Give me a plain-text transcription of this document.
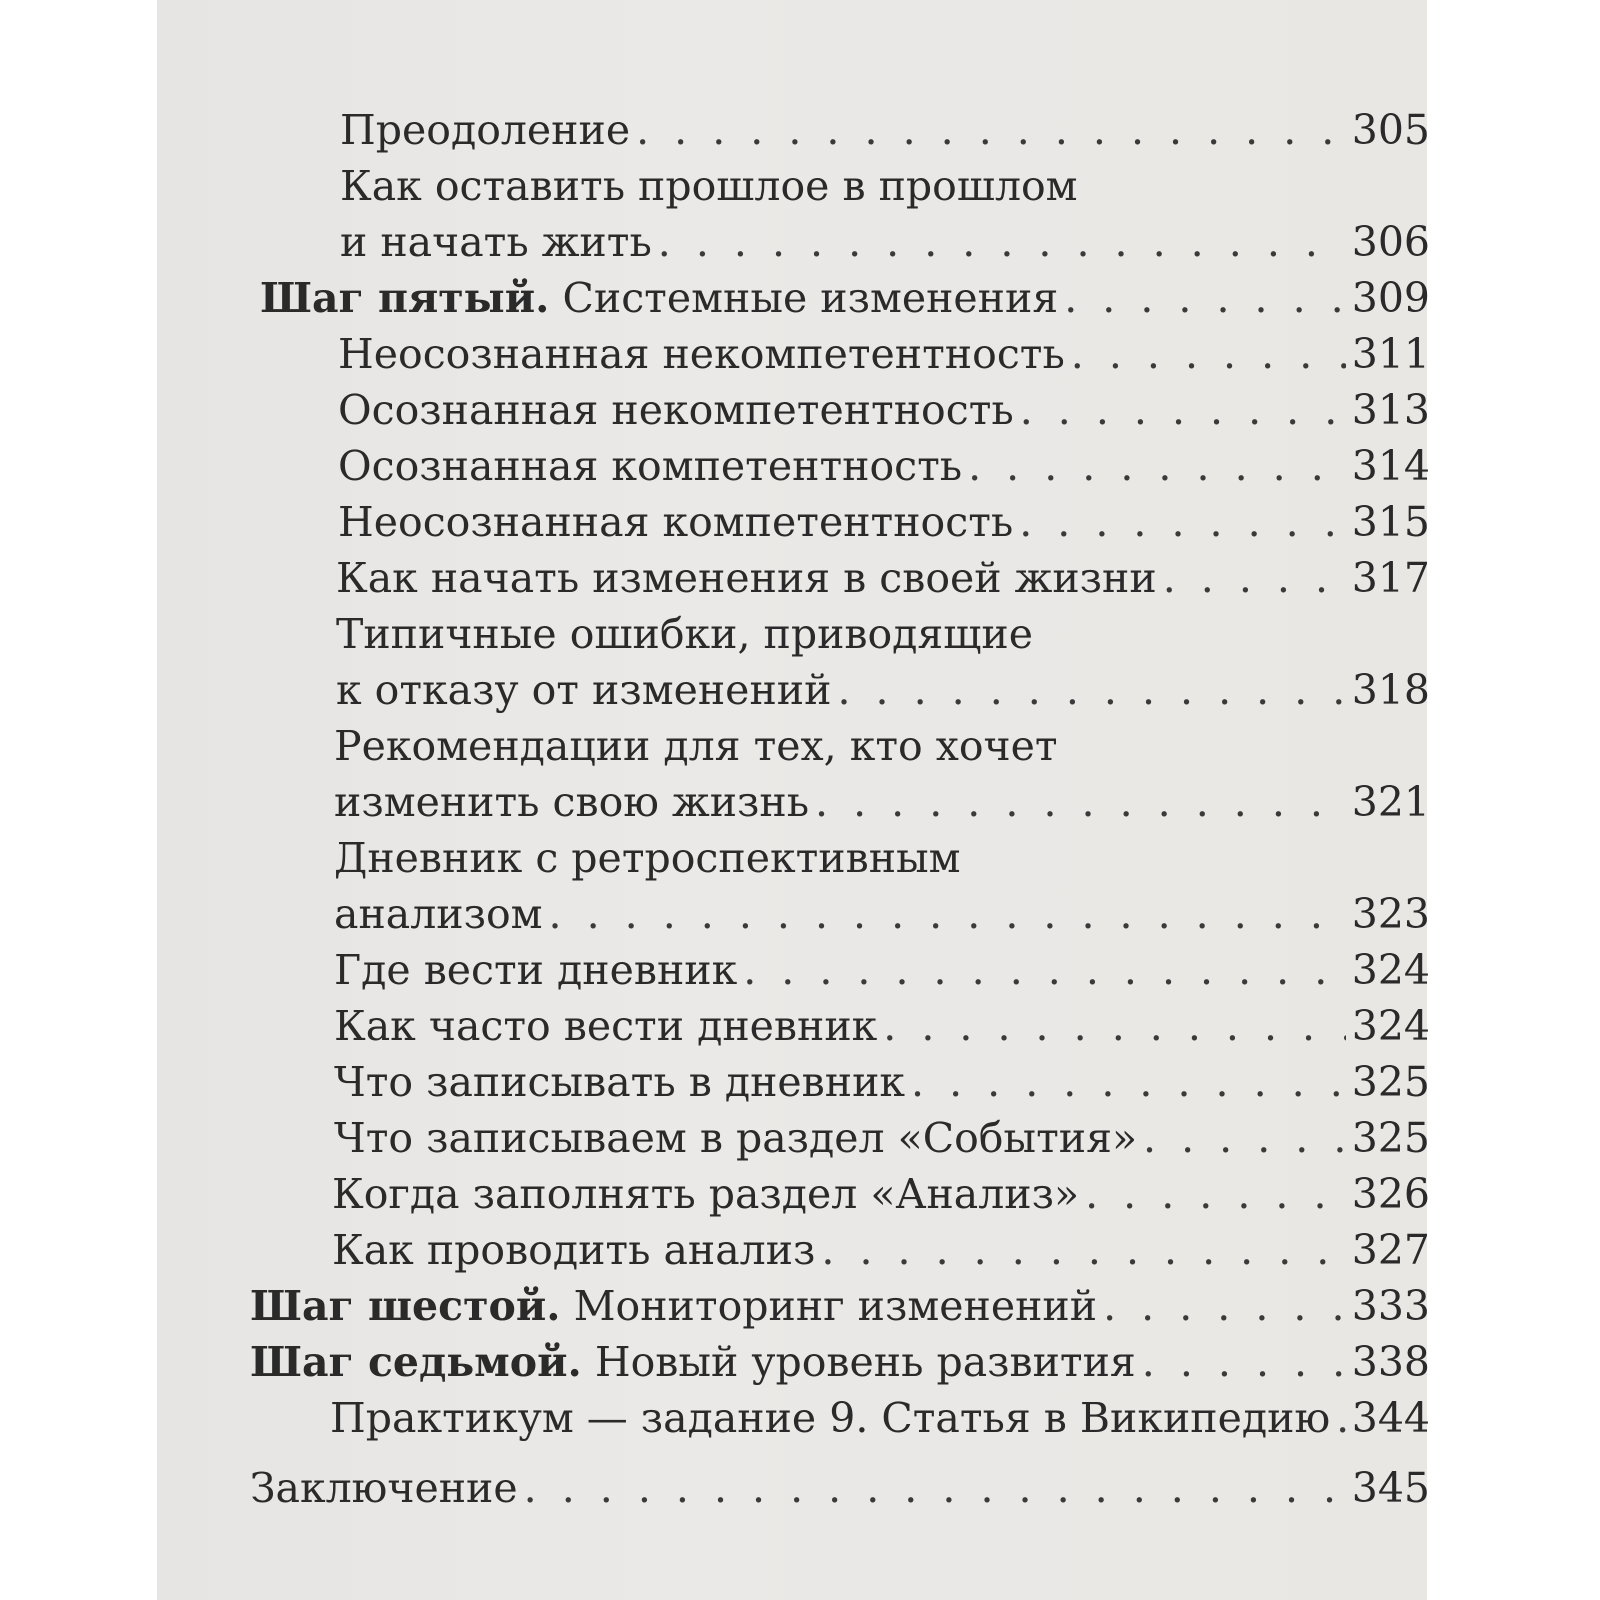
Преодоление . . .	305
Как оставить прошлое в прошлом
и начать жить . . .	306
Шаг пятый. Системные изменения . . .	309
Неосознанная некомпетентность . . .	311
Осознанная некомпетентность . . .	313
Осознанная компетентность . . .	314
Неосознанная компетентность . . .	315
Как начать изменения в своей жизни . . .	317
Типичные ошибки, приводящие
к отказу от изменений . . .	318
Рекомендации для тех, кто хочет
изменить свою жизнь . . .	321
Дневник с ретроспективным
анализом . . .	323
Где вести дневник . . .	324
Как часто вести дневник . . .	324
Что записывать в дневник . . .	325
Что записываем в раздел «События» . . .	325
Когда заполнять раздел «Анализ» . . .	326
Как проводить анализ . . .	327
Шаг шестой. Мониторинг изменений . . .	333
Шаг седьмой. Новый уровень развития . . .	338
Практикум — задание 9. Статья в Википедию . . . 344
Заключение . . .	345
